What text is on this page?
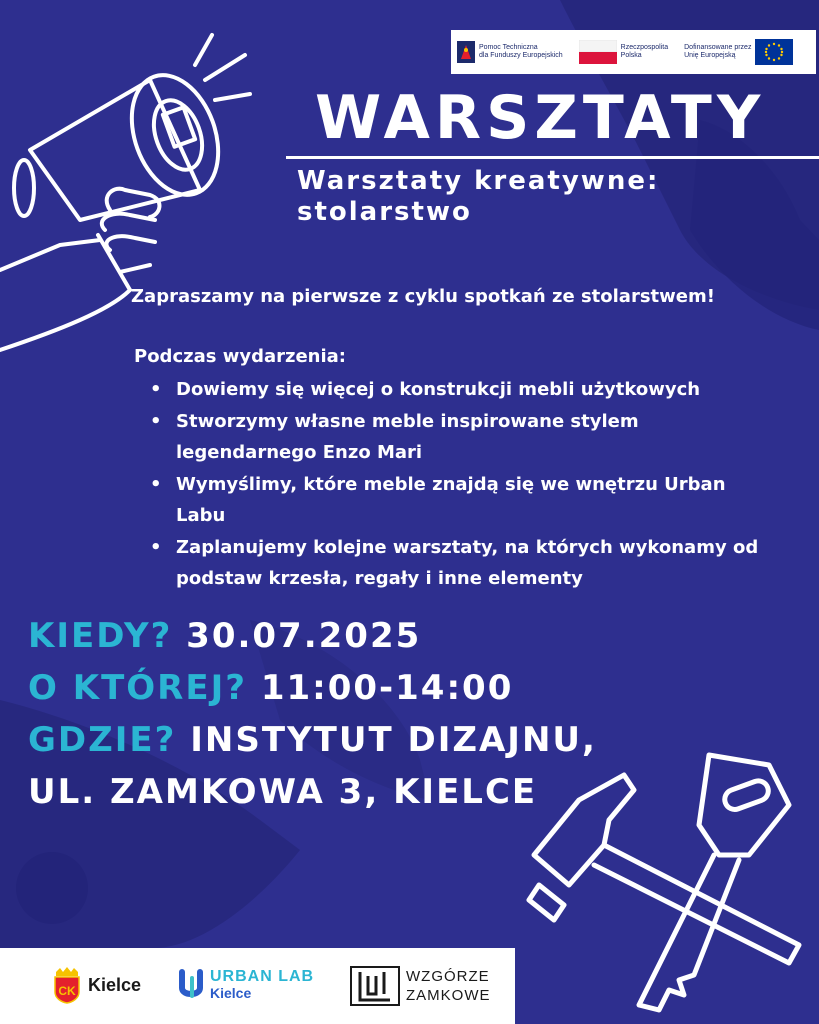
Pomoc Techniczna
dla Funduszy Europejskich
Rzeczpospolita
Polska
Dofinansowane przez
Unię Europejską
WARSZTATY
Warsztaty kreatywne: stolarstwo
Zapraszamy na pierwsze z cyklu spotkań ze stolarstwem!
Podczas wydarzenia:
• Dowiemy się więcej o konstrukcji mebli użytkowych
• Stworzymy własne meble inspirowane stylem legendarnego Enzo Mari
• Wymyślimy, które meble znajdą się we wnętrzu Urban Labu
• Zaplanujemy kolejne warsztaty, na których wykonamy od podstaw krzesła, regały i inne elementy
KIEDY? 30.07.2025
O KTÓREJ? 11:00-14:00
GDZIE? INSTYTUT DIZAJNU,
UL. ZAMKOWA 3, KIELCE
CK Kielce	URBAN LAB
Kielce
WZGÓRZE
ZAMKOWE
